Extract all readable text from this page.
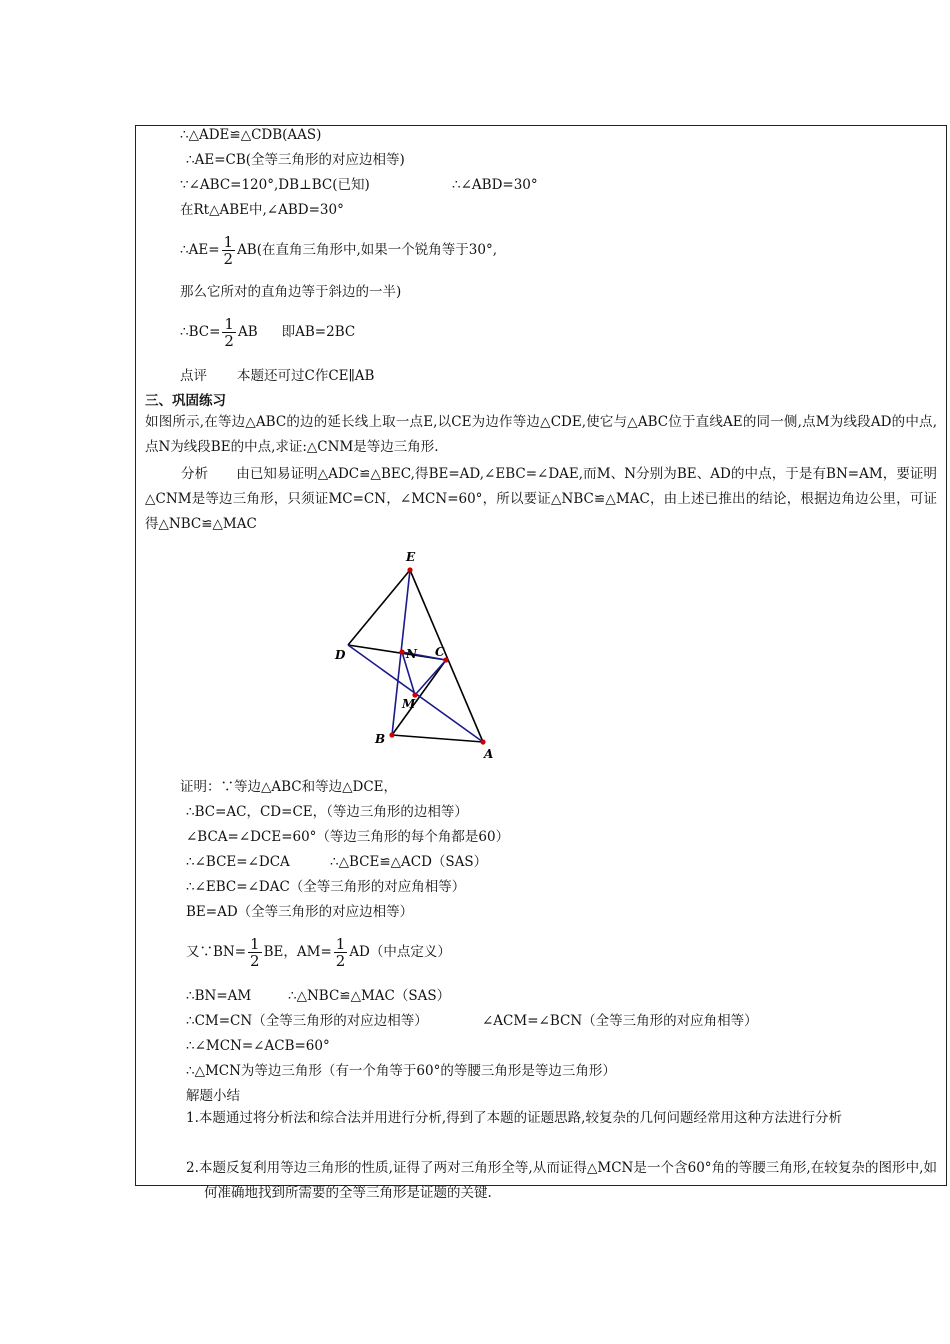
∴△ADE≌△CDB(AAS)
∴AE=CB(全等三角形的对应边相等)
∵∠ABC=120°,DB⊥BC(已知)	∴∠ABD=30°
在Rt△ABE中,∠ABD=30°
∴AE= $\frac{1}{2} AB$(在直角三角形中,如果一个锐角等于30°,
那么它所对的直角边等于斜边的一半)
∴BC= $\frac{1}{2}$ AB 即AB=2BC
点评 本题还可过C作CE∥AB
三、巩固练习
如图所示,在等边△ABC的边的延长线上取一点E,以CE为边作等边△CDE,使它与△ABC位于直线AE的同一侧,点M为线段AD的中点,点N为线段BE的中点,求证:△CNM是等边三角形.
分析 由已知易证明△ADC≌△BEC,得BE=AD,∠EBC=∠DAE,而M、N分别为BE、AD的中点，于是有BN=AM，要证明△CNM是等边三角形，只须证MC=CN，∠MCN=60°，所以要证△NBC≌△MAC，由上述已推出的结论，根据边角边公里，可证得△NBC≌△MAC
E
D	N C
M
B
A
证明：∵等边△ABC和等边△DCE，
∴BC=AC，CD=CE，（等边三角形的边相等）
∠BCA=∠DCE=60°（等边三角形的每个角都是60）
∴∠BCE=∠DCA	∴△BCE≌△ACD（SAS）
∴∠EBC=∠DAC（全等三角形的对应角相等）
BE=AD（全等三角形的对应边相等）
又∵BN= $\frac{1}{2}$ BE，$AM= \frac{1}{2} AD$（中点定义）
∴BN=AM	∴△NBC≌△MAC（SAS）
∴CM=CN（全等三角形的对应边相等）	∠ACM=∠BCN（全等三角形的对应角相等）
∴∠MCN=∠ACB=60°
∴△MCN为等边三角形（有一个角等于60°的等腰三角形是等边三角形）
解题小结
1.本题通过将分析法和综合法并用进行分析,得到了本题的证题思路,较复杂的几何问题经常用这种方法进行分析
2.本题反复利用等边三角形的性质,证得了两对三角形全等,从而证得△MCN是一个含60°角的等腰三角形,在较复杂的图形中,如何准确地找到所需要的全等三角形是证题的关键.
